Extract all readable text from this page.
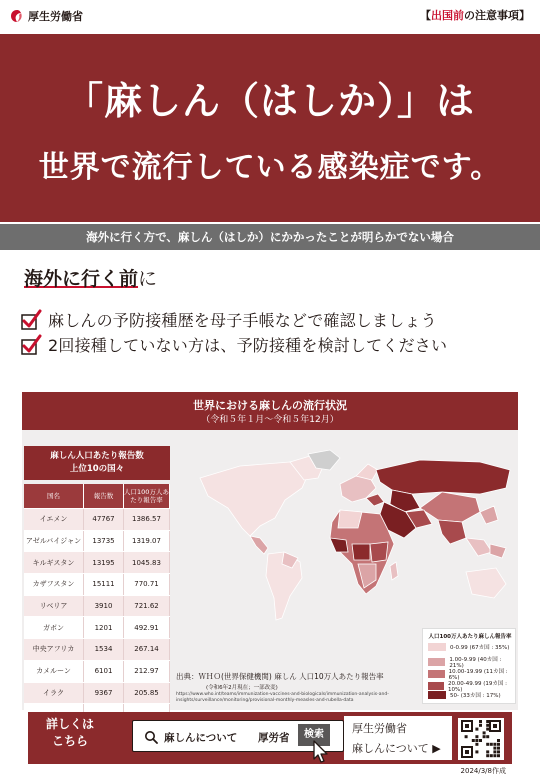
厚生労働省	【出国前の注意事項】
「麻しん（はしか）」は
世界で流行している感染症です。
海外に行く方で、麻しん（はしか）にかかったことが明らかでない場合
海外に行く前に
麻しんの予防接種歴を母子手帳などで確認しましょう
2回接種していない方は、予防接種を検討してください
世界における麻しんの流行状況
（令和５年１月～令和５年12月）
麻しん人口あたり報告数
上位10の国々
国名	報告数	人口100万人あたり報告率
イエメン	47767	1386.57
アゼルバイジャン	13735	1319.07
キルギスタン	13195	1045.83
カザフスタン	15111	770.71
リベリア	3910	721.62
ガボン	1201	492.91
中央アフリカ	1534	267.14
カメルーン	6101	212.97
イラク	9367	205.85
人口100万人あたり麻しん報告率
0-0.99 (67カ国 : 35%)
1.00-9.99 (40カ国 : 21%)
10.00-19.99 (11カ国 : 6%)
20.00-49.99 (19カ国 : 10%)
50- (33カ国 : 17%)
出典：ＷＨＯ(世界保健機関) 麻しん 人口10万人あたり報告率
(令和6年2月現在；一部改変)
https://www.who.int/teams/immunization-vaccines-and-biologicals/immunization-analysis-and-insights/surveillance/monitoring/provisional-monthly-measles-and-rubella-data
詳しくは
こちら	麻しんについて 厚労省	検索	厚生労働省
麻しんについて ▶
2024/3/8作成
